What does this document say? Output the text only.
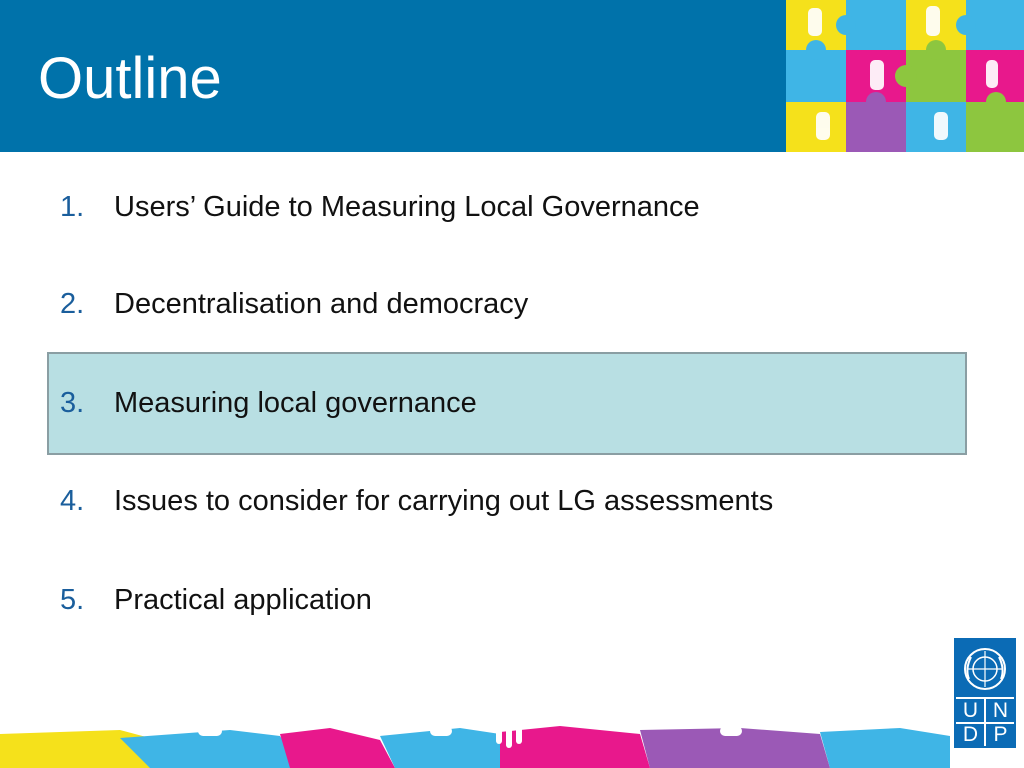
Outline
1. Users’ Guide to Measuring Local Governance
2. Decentralisation and democracy
3. Measuring local governance
4. Issues to consider for carrying out LG assessments
5. Practical application
U N
D P
